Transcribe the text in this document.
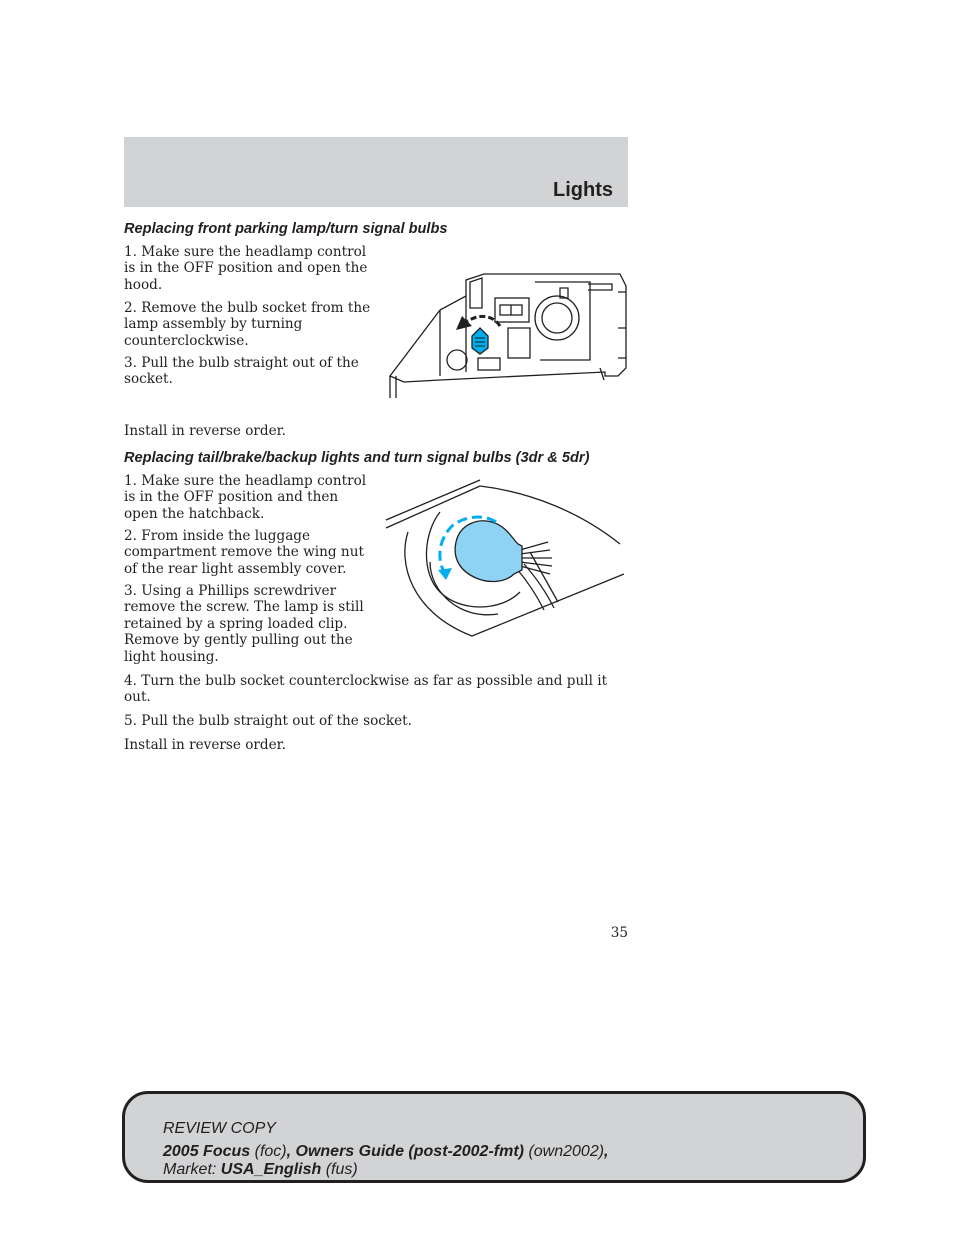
Lights
Replacing front parking lamp/turn signal bulbs

1. Make sure the headlamp control is in the OFF position and open the hood.

2. Remove the bulb socket from the lamp assembly by turning counterclockwise.

3. Pull the bulb straight out of the socket.

Install in reverse order.

Replacing tail/brake/backup lights and turn signal bulbs (3dr & 5dr)

1. Make sure the headlamp control is in the OFF position and then open the hatchback.

2. From inside the luggage compartment remove the wing nut of the rear light assembly cover.

3. Using a Phillips screwdriver remove the screw. The lamp is still retained by a spring loaded clip. Remove by gently pulling out the light housing.

4. Turn the bulb socket counterclockwise as far as possible and pull it out.

5. Pull the bulb straight out of the socket.

Install in reverse order.

35
REVIEW COPY
2005 Focus (foc), Owners Guide (post-2002-fmt) (own2002),
Market: USA_English (fus)
